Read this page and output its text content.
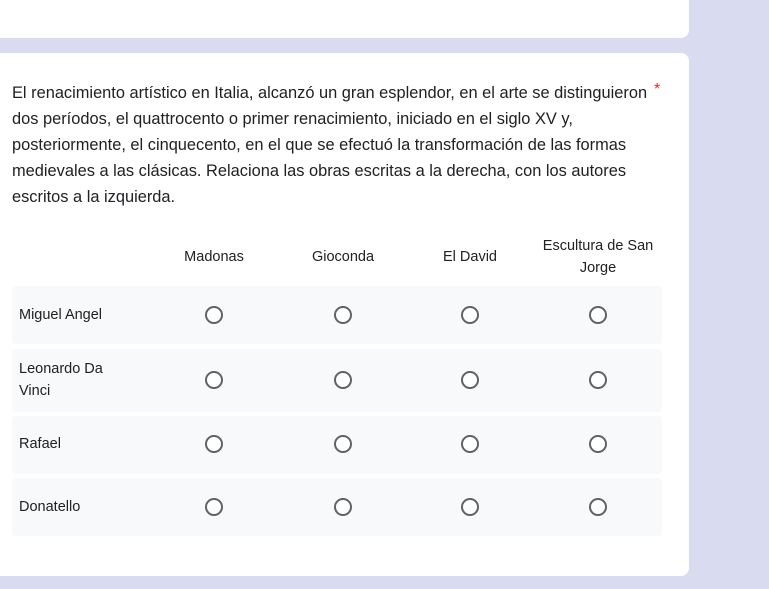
El renacimiento artístico en Italia, alcanzó un gran esplendor, en el arte se distinguieron dos períodos, el quattrocento o primer renacimiento, iniciado en el siglo XV y, posteriormente, el cinquecento, en el que se efectuó la transformación de las formas medievales a las clásicas. Relaciona las obras escritas a la derecha, con los autores escritos a la izquierda.

*
Madonas	Gioconda	El David
Escultura de San Jorge
Miguel Angel
Leonardo Da Vinci
Rafael
Donatello
